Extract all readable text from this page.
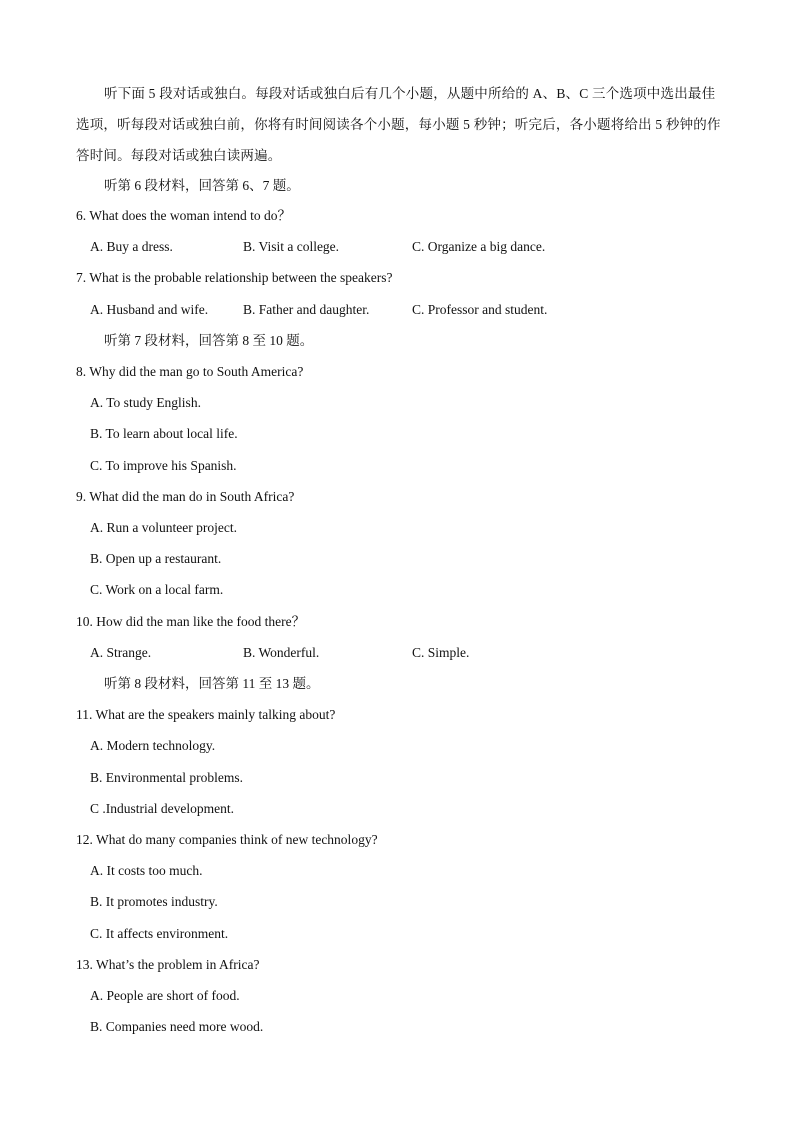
听下面 5 段对话或独白。每段对话或独白后有几个小题，从题中所给的 A、B、C 三个选项中选出最佳选项，听每段对话或独白前，你将有时间阅读各个小题，每小题 5 秒钟；听完后，各小题将给出 5 秒钟的作答时间。每段对话或独白读两遍。

听第 6 段材料，回答第 6、7 题。

6. What does the woman intend to do？

A. Buy a dress.	B. Visit a college.	C. Organize a big dance.

7. What is the probable relationship between the speakers?

A. Husband and wife.	B. Father and daughter.	C. Professor and student.

听第 7 段材料，回答第 8 至 10 题。

8. Why did the man go to South America?

A. To study English.

B. To learn about local life.

C. To improve his Spanish.

9. What did the man do in South Africa?

A. Run a volunteer project.

B. Open up a restaurant.

C. Work on a local farm.

10. How did the man like the food there？

A. Strange.	B. Wonderful.	C. Simple.

听第 8 段材料，回答第 11 至 13 题。

11. What are the speakers mainly talking about?

A. Modern technology.

B. Environmental problems.

C .Industrial development.

12. What do many companies think of new technology?

A. It costs too much.

B. It promotes industry.

C. It affects environment.

13. What’s the problem in Africa?

A. People are short of food.

B. Companies need more wood.
